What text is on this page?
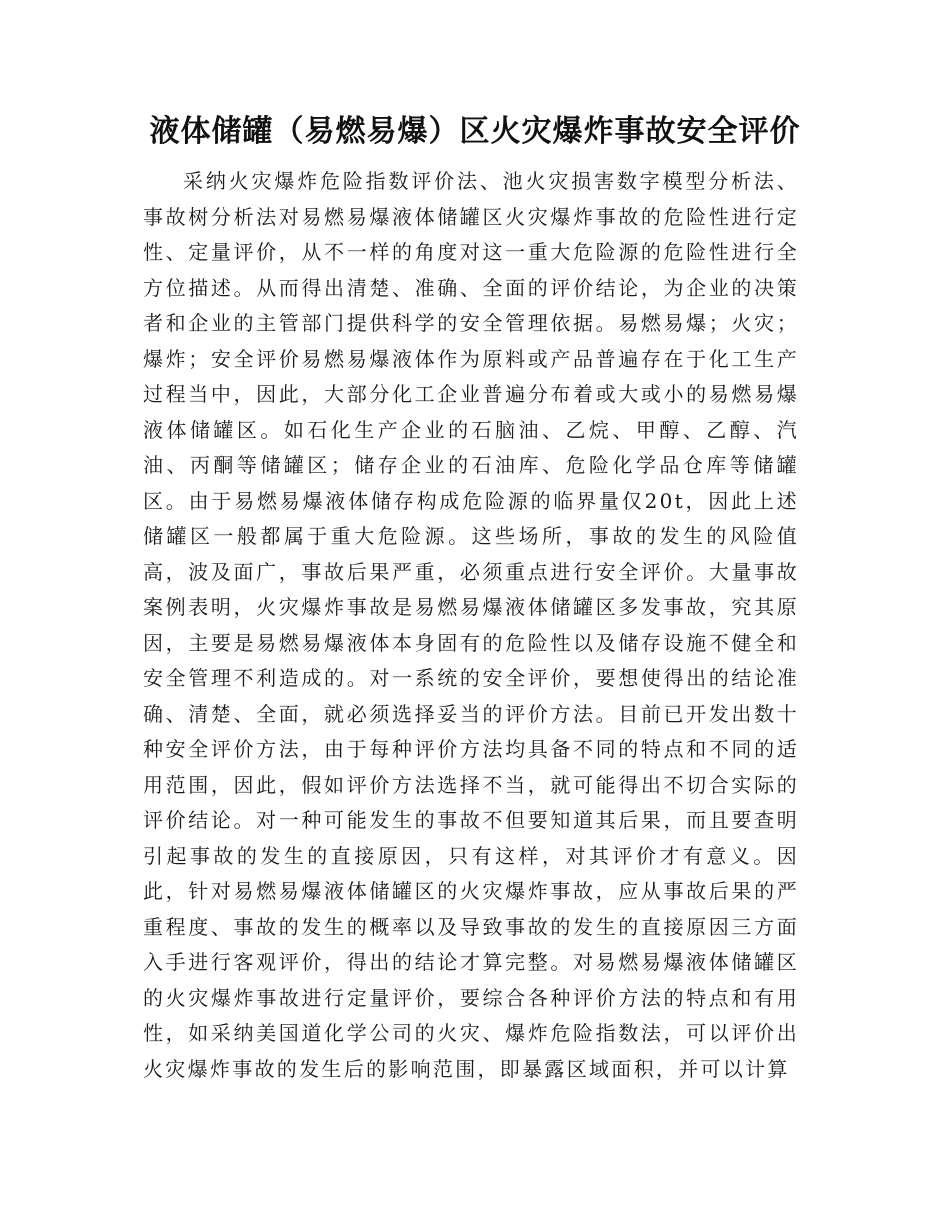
液体储罐（易燃易爆）区火灾爆炸事故安全评价

采纳火灾爆炸危险指数评价法、池火灾损害数字模型分析法、事故树分析法对易燃易爆液体储罐区火灾爆炸事故的危险性进行定性、定量评价，从不一样的角度对这一重大危险源的危险性进行全方位描述。从而得出清楚、准确、全面的评价结论，为企业的决策者和企业的主管部门提供科学的安全管理依据。易燃易爆；火灾；爆炸；安全评价易燃易爆液体作为原料或产品普遍存在于化工生产过程当中，因此，大部分化工企业普遍分布着或大或小的易燃易爆液体储罐区。如石化生产企业的石脑油、乙烷、甲醇、乙醇、汽油、丙酮等储罐区；储存企业的石油库、危险化学品仓库等储罐区。由于易燃易爆液体储存构成危险源的临界量仅20t，因此上述储罐区一般都属于重大危险源。这些场所，事故的发生的风险值高，波及面广，事故后果严重，必须重点进行安全评价。大量事故案例表明，火灾爆炸事故是易燃易爆液体储罐区多发事故，究其原因，主要是易燃易爆液体本身固有的危险性以及储存设施不健全和安全管理不利造成的。对一系统的安全评价，要想使得出的结论准确、清楚、全面，就必须选择妥当的评价方法。目前已开发出数十种安全评价方法，由于每种评价方法均具备不同的特点和不同的适用范围，因此，假如评价方法选择不当，就可能得出不切合实际的评价结论。对一种可能发生的事故不但要知道其后果，而且要查明引起事故的发生的直接原因，只有这样，对其评价才有意义。因此，针对易燃易爆液体储罐区的火灾爆炸事故，应从事故后果的严重程度、事故的发生的概率以及导致事故的发生的直接原因三方面入手进行客观评价，得出的结论才算完整。对易燃易爆液体储罐区的火灾爆炸事故进行定量评价，要综合各种评价方法的特点和有用性，如采纳美国道化学公司的火灾、爆炸危险指数法，可以评价出火灾爆炸事故的发生后的影响范围，即暴露区域面积，并可以计算
